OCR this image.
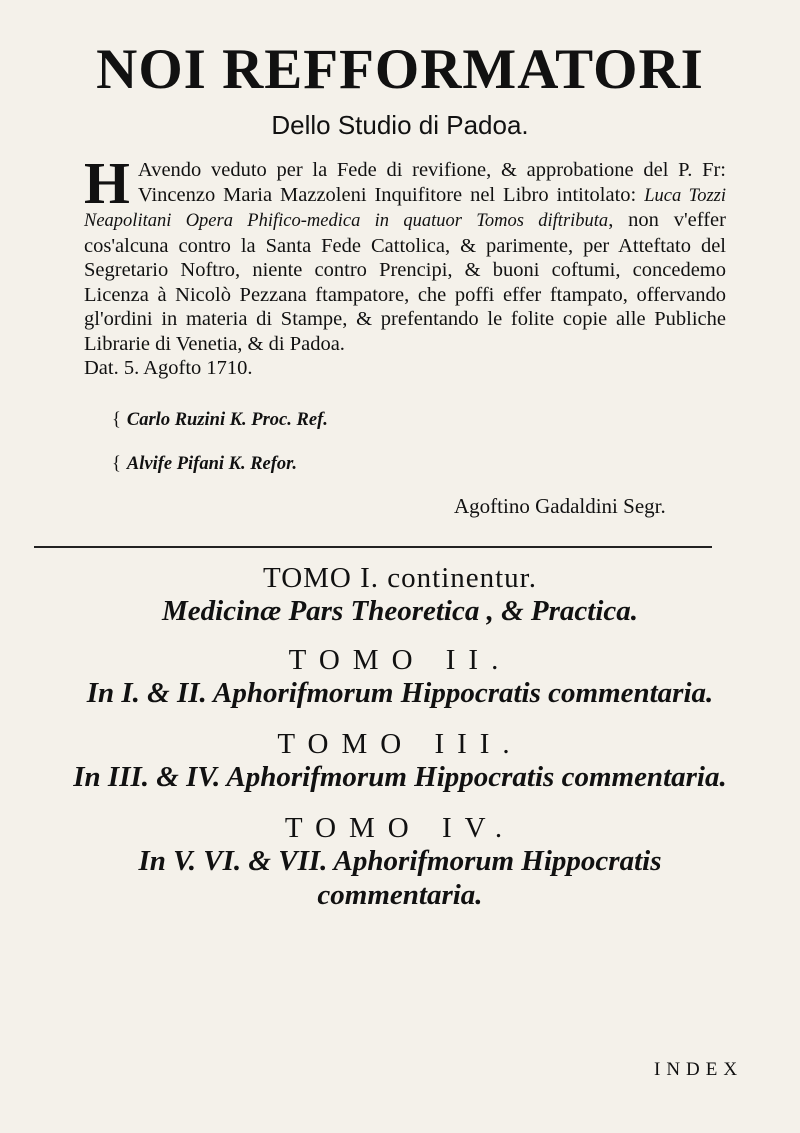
NOI REFFORMATORI
Dello Studio di Padoa.
H Avendo veduto per la Fede di revifione, & approbatione del P. Fr: Vincenzo Maria Mazzoleni Inquifitore nel Libro intitolato: Luca Tozzi Neapolitani Opera Phifico-medica in quatuor Tomos diftributa, non v'effer cos'alcuna contro la Santa Fede Cattolica, & parimente, per Atteftato del Segretario Noftro, niente contro Prencipi, & buoni coftumi, concedemo Licenza à Nicolò Pezzana ftampatore, che poffi effer ftampato, offervando gl'ordini in materia di Stampe, & prefentando le folite copie alle Publiche Librarie di Venetia, & di Padoa.
Dat. 5. Agofto 1710.
{ Carlo Ruzini K. Proc. Ref.
{ Alvife Pifani K. Refor.
Agoftino Gadaldini Segr.
TOMO I. continentur.
Medicinæ Pars Theoretica , & Practica.
TOMO II.
In I. & II. Aphorifmorum Hippocratis commentaria.
TOMO III.
In III. & IV. Aphorifmorum Hippocratis commentaria.
TOMO IV.
In V. VI. & VII. Aphorifmorum Hippocratis
commentaria.
INDEX
